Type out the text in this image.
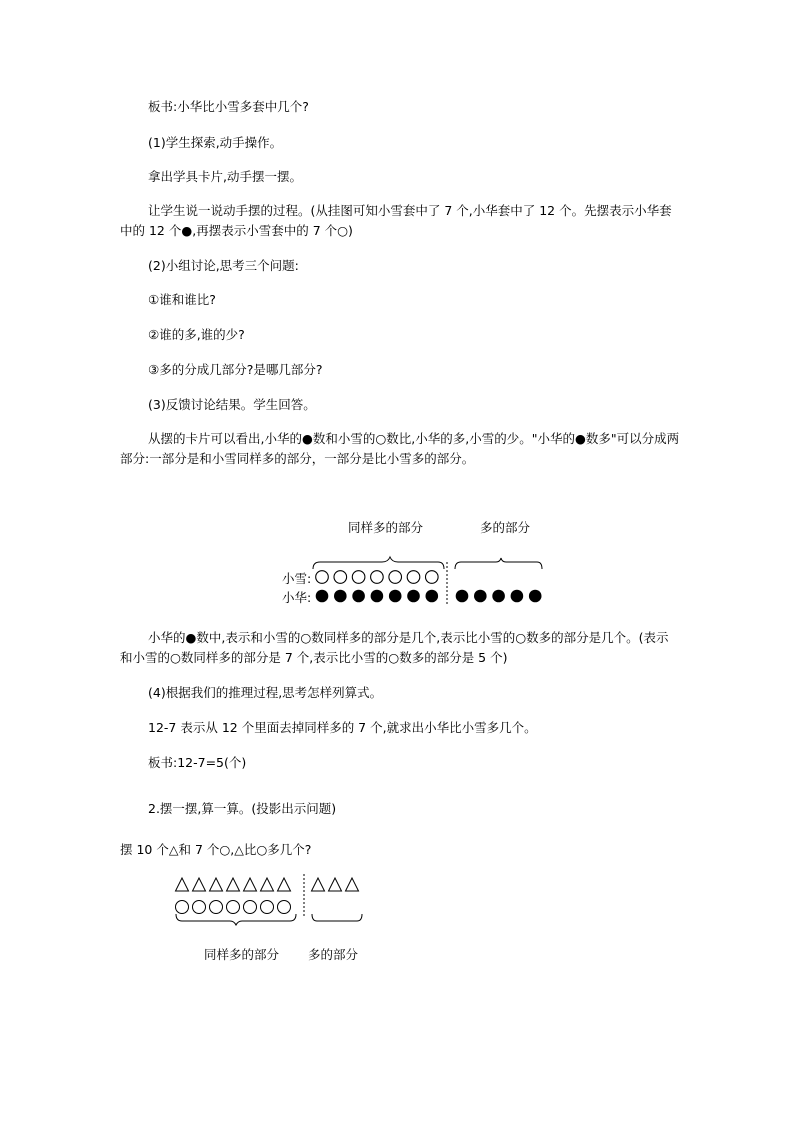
板书:小华比小雪多套中几个?

(1)学生探索,动手操作。

拿出学具卡片,动手摆一摆。

让学生说一说动手摆的过程。(从挂图可知小雪套中了 7 个,小华套中了 12 个。先摆表示小华套中的 12 个●,再摆表示小雪套中的 7 个○)

(2)小组讨论,思考三个问题:

①谁和谁比?

②谁的多,谁的少?

③多的分成几部分?是哪几部分?

(3)反馈讨论结果。学生回答。

从摆的卡片可以看出,小华的●数和小雪的○数比,小华的多,小雪的少。"小华的●数多"可以分成两部分:一部分是和小雪同样多的部分，一部分是比小雪多的部分。

同样多的部分	多的部分
小雪:
小华:

小华的●数中,表示和小雪的○数同样多的部分是几个,表示比小雪的○数多的部分是几个。(表示和小雪的○数同样多的部分是 7 个,表示比小雪的○数多的部分是 5 个)

(4)根据我们的推理过程,思考怎样列算式。

12-7 表示从 12 个里面去掉同样多的 7 个,就求出小华比小雪多几个。

板书:12-7=5(个)

2.摆一摆,算一算。(投影出示问题)

摆 10 个△和 7 个○,△比○多几个?

同样多的部分 多的部分
